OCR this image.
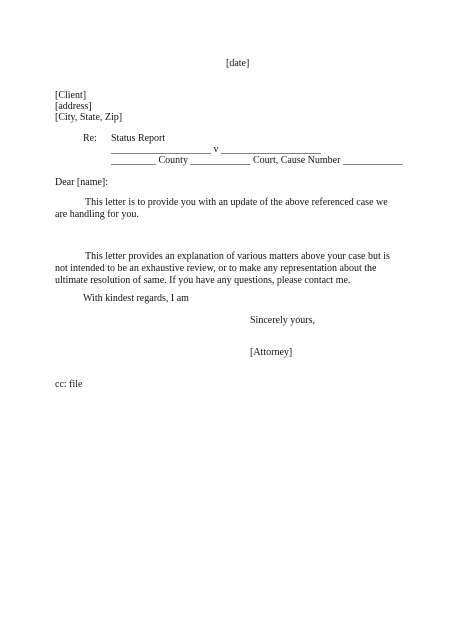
[date]
[Client]
[address]
[City, State, Zip]
Re: Status Report
____________________ v ____________________
_________ County ____________ Court, Cause Number ____________
Dear [name]:
This letter is to provide you with an update of the above referenced case we are handling for you.
This letter provides an explanation of various matters above your case but is not intended to be an exhaustive review, or to make any representation about the ultimate resolution of same. If you have any questions, please contact me.
With kindest regards, I am
Sincerely yours,
[Attorney]
cc: file
